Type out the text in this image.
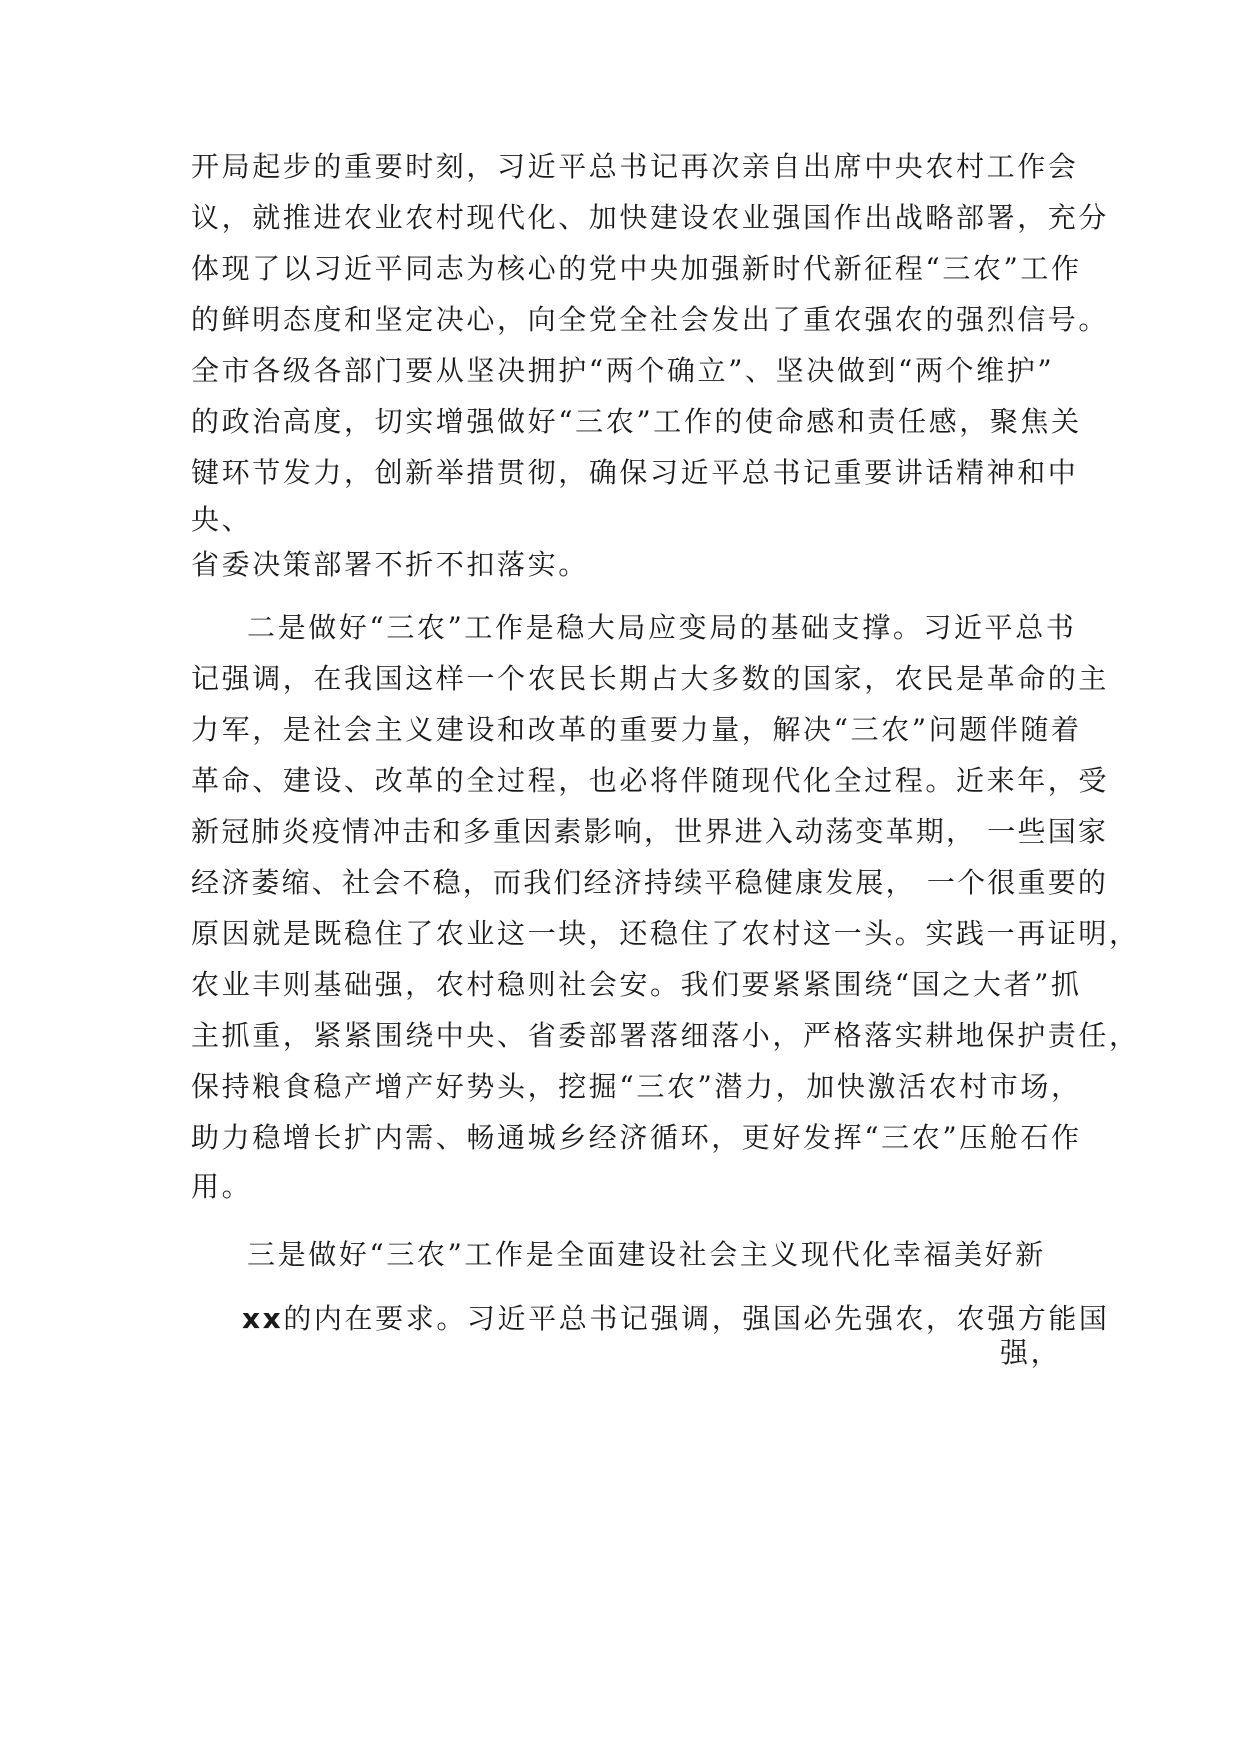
开局起步的重要时刻，习近平总书记再次亲自出席中央农村工作会
议，就推进农业农村现代化、加快建设农业强国作出战略部署，充分
体现了以习近平同志为核心的党中央加强新时代新征程“三农”工作
的鲜明态度和坚定决心，向全党全社会发出了重农强农的强烈信号。
全市各级各部门要从坚决拥护“两个确立”、坚决做到“两个维护”
的政治高度，切实增强做好“三农”工作的使命感和责任感，聚焦关
键环节发力，创新举措贯彻，确保习近平总书记重要讲话精神和中
央、
省委决策部署不折不扣落实。
二是做好“三农”工作是稳大局应变局的基础支撑。习近平总书
记强调，在我国这样一个农民长期占大多数的国家，农民是革命的主
力军，是社会主义建设和改革的重要力量，解决“三农”问题伴随着
革命、建设、改革的全过程，也必将伴随现代化全过程。近来年，受
新冠肺炎疫情冲击和多重因素影响，世界进入动荡变革期， 一些国家
经济萎缩、社会不稳，而我们经济持续平稳健康发展， 一个很重要的
原因就是既稳住了农业这一块，还稳住了农村这一头。实践一再证明，
农业丰则基础强，农村稳则社会安。我们要紧紧围绕“国之大者”抓
主抓重，紧紧围绕中央、省委部署落细落小，严格落实耕地保护责任，
保持粮食稳产增产好势头，挖掘“三农”潜力，加快激活农村市场，
助力稳增长扩内需、畅通城乡经济循环，更好发挥“三农”压舱石作
用。
三是做好“三农”工作是全面建设社会主义现代化幸福美好新
xx的内在要求。习近平总书记强调，强国必先强农，农强方能国
强，
